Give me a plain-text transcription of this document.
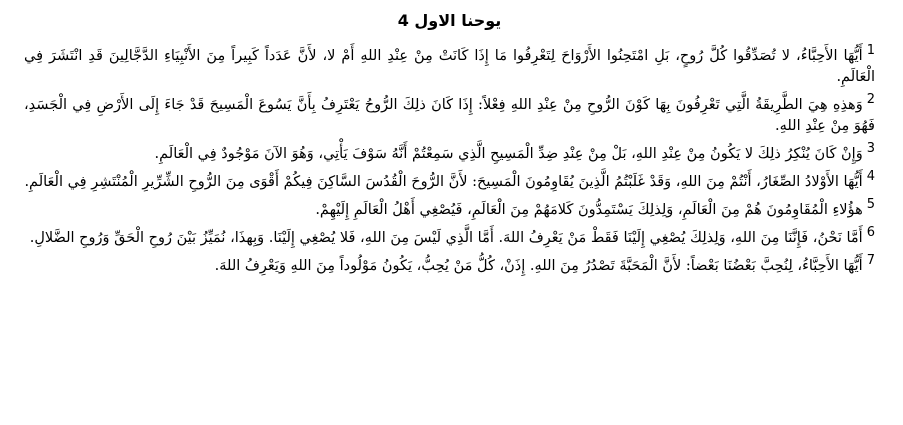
يوحنا الاول 4

1أَيُّهَا الأَحِبَّاءُ، لا تُصَدِّقُوا كُلَّ رُوحٍ، بَلِ امْتَحِنُوا الأَرْوَاحَ لِتَعْرِفُوا مَا إِذَا كَانَتْ مِنْ عِنْدِ اللهِ أَمْ لا، لأَنَّ عَدَداً كَبِيراً مِنَ الأَنْبِيَاءِ الدَّجَّالِينَ قَدِ انْتَشَرَ فِي الْعَالَمِ.

2وَهذِهِ هِيَ الطَّرِيقَةُ الَّتِي تَعْرِفُونَ بِهَا كَوْنَ الرُّوحِ مِنْ عِنْدِ اللهِ فِعْلاً: إِذَا كَانَ ذلِكَ الرُّوحُ يَعْتَرِفُ بِأَنَّ يَسُوعَ الْمَسِيحَ قَدْ جَاءَ إِلَى الأَرْضِ فِي الْجَسَدِ، فَهُوَ مِنْ عِنْدِ اللهِ.

3وَإِنْ كَانَ يُنْكِرُ ذلِكَ لا يَكُونُ مِنْ عِنْدِ اللهِ، بَلْ مِنْ عِنْدِ ضِدِّ الْمَسِيحِ الَّذِي سَمِعْتُمْ أَنَّهُ سَوْفَ يَأْتِي، وَهُوَ الآنَ مَوْجُودٌ فِي الْعَالَمِ.

4أَيُّهَا الأَوْلادُ الصِّغَارُ، أَنْتُمْ مِنَ اللهِ، وَقَدْ غَلَبْتُمُ الَّذِينَ يُقَاوِمُونَ الْمَسِيحَ: لأَنَّ الرُّوحَ الْقُدُسَ السَّاكِنَ فِيكُمْ أَقْوَى مِنَ الرُّوحِ الشِّرِّيرِ الْمُنْتَشِرِ فِي الْعَالَمِ.

5هؤُلاءِ الْمُقَاوِمُونَ هُمْ مِنَ الْعَالَمِ، وَلِذلِكَ يَسْتَمِدُّونَ كَلامَهُمْ مِنَ الْعَالَمِ، فَيُصْغِي أَهْلُ الْعَالَمِ إِلَيْهِمْ.

6أَمَّا نَحْنُ، فَإِنَّنَا مِنَ اللهِ، وَلِذلِكَ يُصْغِي إِلَيْنَا فَقَطْ مَنْ يَعْرِفُ اللهَ. أَمَّا الَّذِي لَيْسَ مِنَ اللهِ، فَلا يُصْغِي إِلَيْنَا. وَبِهذَا، نُمَيِّزُ بَيْنَ رُوحِ الْحَقِّ وَرُوحِ الضَّلالِ.

7أَيُّهَا الأَحِبَّاءُ، لِنُحِبَّ بَعْضُنَا بَعْضاً: لأَنَّ الْمَحَبَّةَ تَصْدُرُ مِنَ اللهِ. إِذَنْ، كُلُّ مَنْ يُحِبُّ، يَكُونُ مَوْلُوداً مِنَ اللهِ وَيَعْرِفُ اللهَ.
